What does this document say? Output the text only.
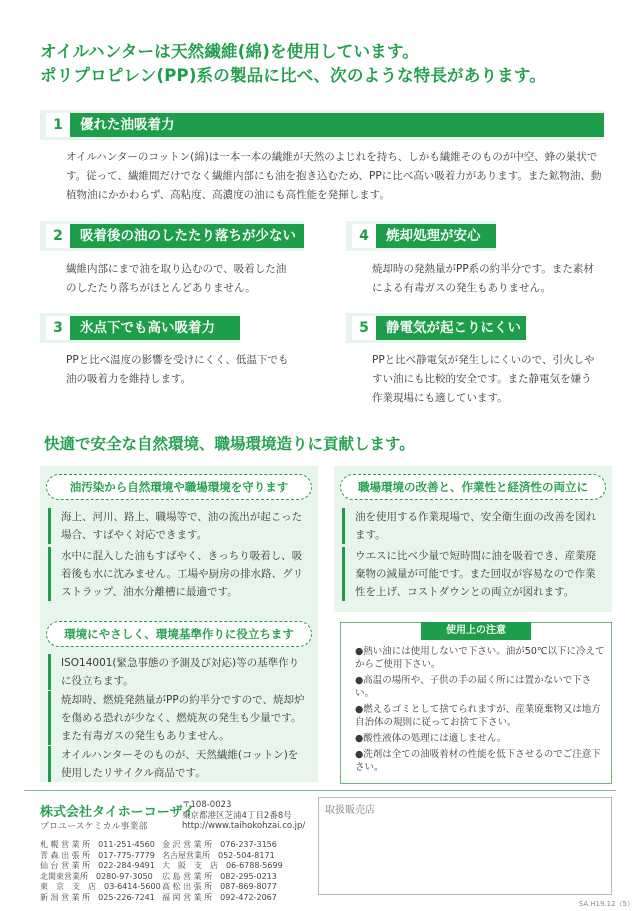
オイルハンターは天然繊維(綿)を使用しています。
ポリプロピレン(PP)系の製品に比べ、次のような特長があります。
1	優れた油吸着力
オイルハンターのコットン(綿)は一本一本の繊維が天然のよじれを持ち、しかも繊維そのものが中空、蜂の巣状です。従って、繊維間だけでなく繊維内部にも油を抱き込むため、PPに比べ高い吸着力があります。また鉱物油、動植物油にかかわらず、高粘度、高濃度の油にも高性能を発揮します。
2	吸着後の油のしたたり落ちが少ない
繊維内部にまで油を取り込むので、吸着した油のしたたり落ちがほとんどありません。
3	氷点下でも高い吸着力
PPと比べ温度の影響を受けにくく、低温下でも油の吸着力を維持します。
4	焼却処理が安心
焼却時の発熱量がPP系の約半分です。また素材による有毒ガスの発生もありません。
5	静電気が起こりにくい
PPと比べ静電気が発生しにくいので、引火しやすい油にも比較的安全です。また静電気を嫌う作業現場にも適しています。
快適で安全な自然環境、職場環境造りに貢献します。
油汚染から自然環境や職場環境を守ります
海上、河川、路上、職場等で、油の流出が起こった場合、すばやく対応できます。
水中に混入した油もすばやく、きっちり吸着し、吸着後も水に沈みません。工場や厨房の排水路、グリストラップ、油水分離槽に最適です。
環境にやさしく、環境基準作りに役立ちます
ISO14001(緊急事態の予測及び対応)等の基準作りに役立ちます。
焼却時、燃焼発熱量がPPの約半分ですので、焼却炉を傷める恐れが少なく、燃焼灰の発生も少量です。また有毒ガスの発生もありません。
オイルハンターそのものが、天然繊維(コットン)を使用したリサイクル商品です。
職場環境の改善と、作業性と経済性の両立に
油を使用する作業現場で、安全衛生面の改善を図れます。
ウエスに比べ少量で短時間に油を吸着でき、産業廃棄物の減量が可能です。また回収が容易なので作業性を上げ、コストダウンとの両立が図れます。
使用上の注意
●熱い油には使用しないで下さい。油が50℃以下に冷えてからご使用下さい。
●高温の場所や、子供の手の届く所には置かないで下さい。
●燃えるゴミとして捨てられますが、産業廃棄物又は地方自治体の規則に従ってお捨て下さい。
●酸性液体の処理には適しません。
●洗剤は全ての油吸着材の性能を低下させるのでご注意下さい。
株式会社タイホーコーザイ
プロユースケミカル事業部
〒108-0023
東京都港区芝浦4丁目2番8号
http://www.taihokohzai.co.jp/
札 幌 営 業 所　011-251-4560
青 森 出 張 所　017-775-7779
仙 台 営 業 所　022-284-9491
北関東営業所　0280-97-3050
東　京　支　店　03-6414-5600
新 潟 営 業 所　025-226-7241
金 沢 営 業 所　076-237-3156
名古屋営業所　052-504-8171
大　阪　支　店　06-6788-5699
広 島 営 業 所　082-295-0213
高 松 出 張 所　087-869-8077
福 岡 営 業 所　092-472-2067
取扱販売店
SA.H19.12（5）
